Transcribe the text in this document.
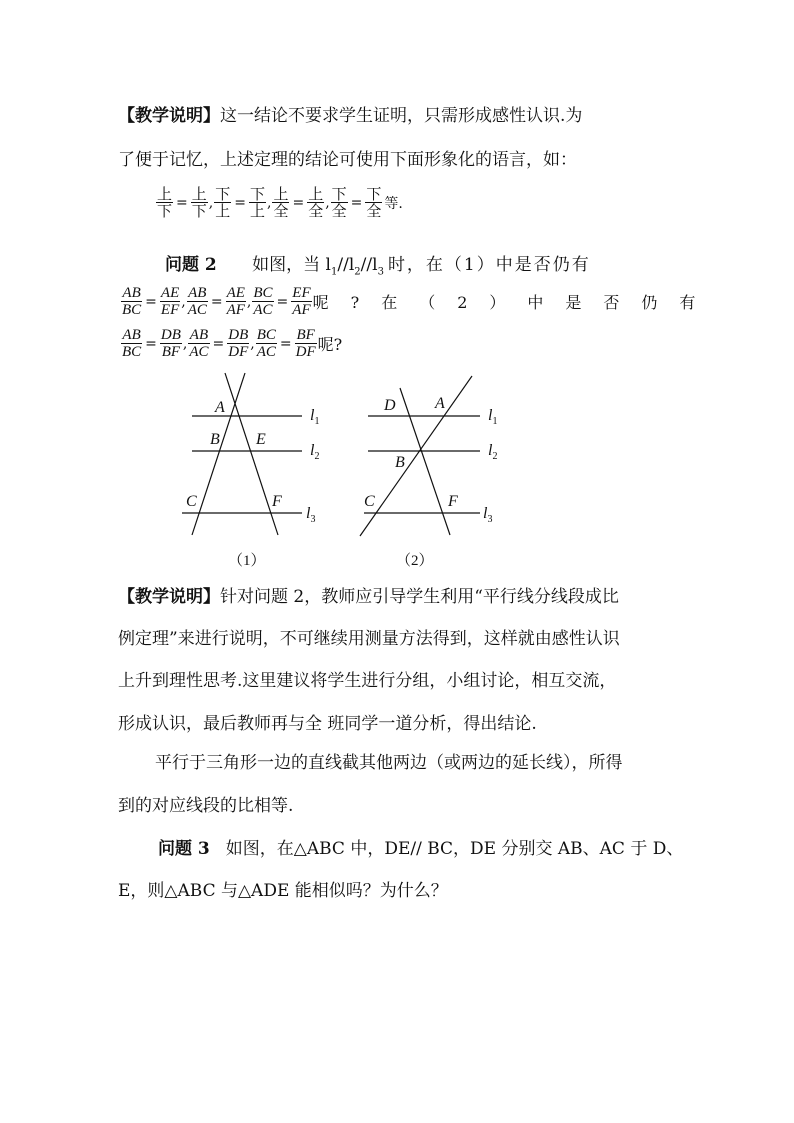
【教学说明】这一结论不要求学生证明，只需形成感性认识.为
了便于记忆，上述定理的结论可使用下面形象化的语言，如：
$\frac{\text{上}}{\text{下}} = \frac{\text{上}}{\text{下}}$ , $\frac{\text{下}}{\text{上}} = \frac{\text{下}}{\text{上}}$ , $\frac{\text{上}}{\text{全}} = \frac{\text{上}}{\text{全}}$ , $\frac{\text{下}}{\text{全}} = \frac{\text{下}}{\text{全}}$ 等.
问题 2 如图，当 $l_1//l_2//l_3$ 时，在（1）中是否仍有
$\frac{AB}{BC} = \frac{AE}{EF}$ , $\frac{AB}{AC} = \frac{AE}{AF}$ , $\frac{BC}{AC} = \frac{EF}{AF}$ 呢?在（2）中是否仍有
$\frac{AB}{BC} = \frac{DB}{BF}$ , $\frac{AB}{AC} = \frac{DB}{DF}$ , $\frac{BC}{AC} = \frac{BF}{DF}$ 呢?
A
B E
C	F
$l_1$
$l_2$
$l_3$
D A
B
C	F
$l_1$
$l_2$
$l_3$
（1）	（2）
【教学说明】针对问题 2，教师应引导学生利用“平行线分线段成比
例定理”来进行说明，不可继续用测量方法得到，这样就由感性认识
上升到理性思考.这里建议将学生进行分组，小组讨论，相互交流，
形成认识，最后教师再与全 班同学一道分析，得出结论.
平行于三角形一边的直线截其他两边（或两边的延长线），所得
到的对应线段的比相等.
问题 3 如图，在△ABC 中，DE// BC，DE 分别交 AB、AC 于 D、
E，则△ABC 与△ADE 能相似吗？为什么？
